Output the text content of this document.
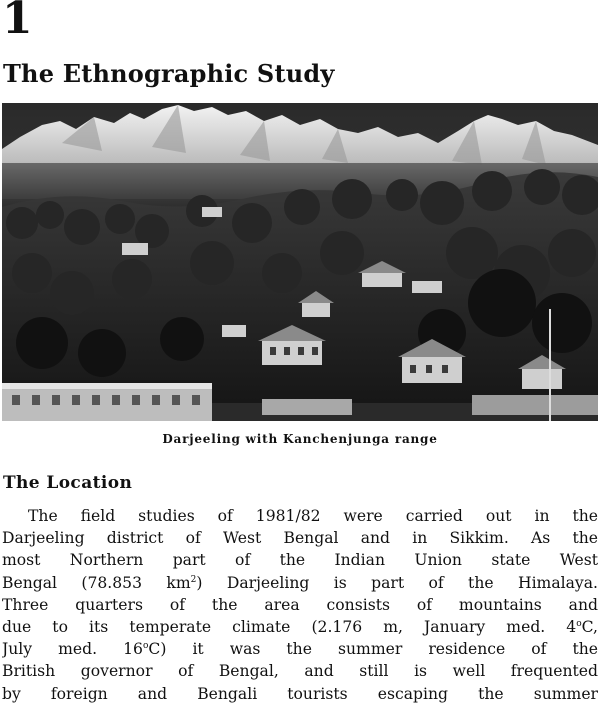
1
The Ethnographic Study

Darjeeling with Kanchenjunga range

The Location
The field studies of 1981/82 were carried out in the
Darjeeling district of West Bengal and in Sikkim. As the
most Northern part of the Indian Union state West
Bengal (78.853 $km^2$) Darjeeling is part of the Himalaya.
Three quarters of the area consists of mountains and
due to its temperate climate (2.176 m, January med. 4$^o$C,
July med. 16$^o$C) it was the summer residence of the
British governor of Bengal, and still is well frequented
by foreign and Bengali tourists escaping the summer
